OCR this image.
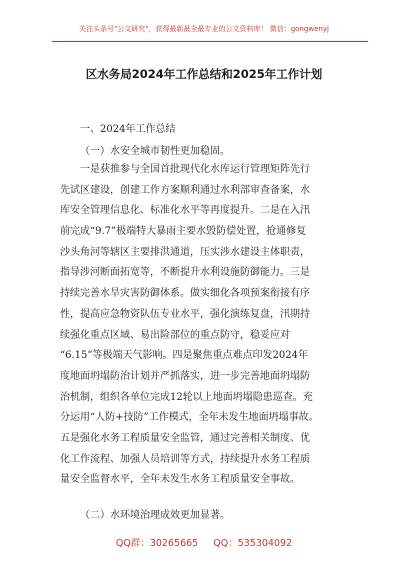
关注头条号"公文研究"，获得最新最全最专业的公文资料库！ 微信：gongwenyj
区水务局2024年工作总结和2025年工作计划
一、2024年工作总结
（一）水安全城市韧性更加稳固。

一是获推参与全国首批现代化水库运行管理矩阵先行
先试区建设，创建工作方案顺利通过水利部审查备案，水
库安全管理信息化、标准化水平等再度提升。二是在入汛
前完成“9.7”极端特大暴雨主要水毁防偿处置，抢通修复
沙头角河等辖区主要排洪通道，压实涉水建设主体职责，
指导涉河断面拓宽等，不断提升水利设施防御能力。三是
持续完善水旱灾害防御体系。做实细化各项预案衔接有序
性，提高应急物资队伍专业水平，强化演练复盘，汛期持
续强化重点区域、易出险部位的重点防守，稳妥应对
“6.15”等极端天气影响。四是聚焦重点难点印发2024年
度地面坍塌防治计划并严抓落实，进一步完善地面坍塌防
治机制，组织各单位完成12轮以上地面坍塌隐患巡查。充
分运用“人防+技防”工作模式，全年未发生地面坍塌事故。
五是强化水务工程质量安全监管，通过完善相关制度、优
化工作流程、加强人员培训等方式，持续提升水务工程质
量安全监督水平，全年未发生水务工程质量安全事故。

（二）水环境治理成效更加显著。
QQ群：30265665 QQ：535304092
